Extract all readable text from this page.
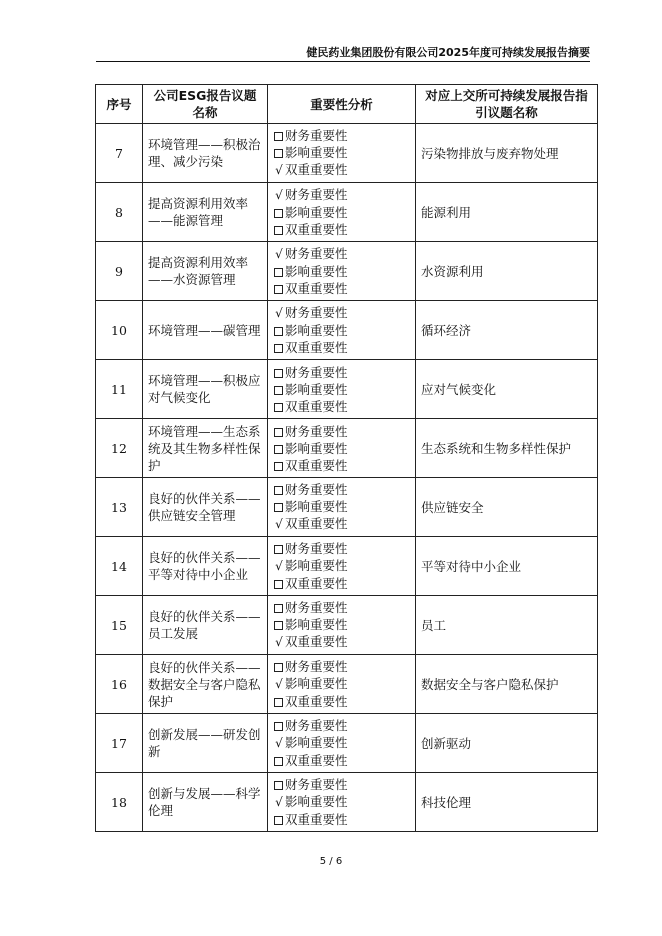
健民药业集团股份有限公司2025年度可持续发展报告摘要
序号	公司ESG报告议题名称	重要性分析	对应上交所可持续发展报告指引议题名称
7	环境管理——积极治理、减少污染	财务重要性
影响重要性
√ 双重重要性	污染物排放与废弃物处理
8	提高资源利用效率——能源管理	√ 财务重要性
影响重要性
双重重要性	能源利用
9	提高资源利用效率——水资源管理	√ 财务重要性
影响重要性
双重重要性	水资源利用
10	环境管理——碳管理	√ 财务重要性
影响重要性
双重重要性	循环经济
11	环境管理——积极应对气候变化	财务重要性
影响重要性
双重重要性	应对气候变化
12	环境管理——生态系统及其生物多样性保护	财务重要性
影响重要性
双重重要性	生态系统和生物多样性保护
13	良好的伙伴关系——供应链安全管理	财务重要性
影响重要性
√ 双重重要性	供应链安全
14	良好的伙伴关系——平等对待中小企业	财务重要性
√ 影响重要性
双重重要性	平等对待中小企业
15	良好的伙伴关系——员工发展	财务重要性
影响重要性
√ 双重重要性	员工
16	良好的伙伴关系——数据安全与客户隐私保护	财务重要性
√ 影响重要性
双重重要性	数据安全与客户隐私保护
17	创新发展——研发创新	财务重要性
√ 影响重要性
双重重要性	创新驱动
18	创新与发展——科学伦理	财务重要性
√ 影响重要性
双重重要性	科技伦理
5 / 6
